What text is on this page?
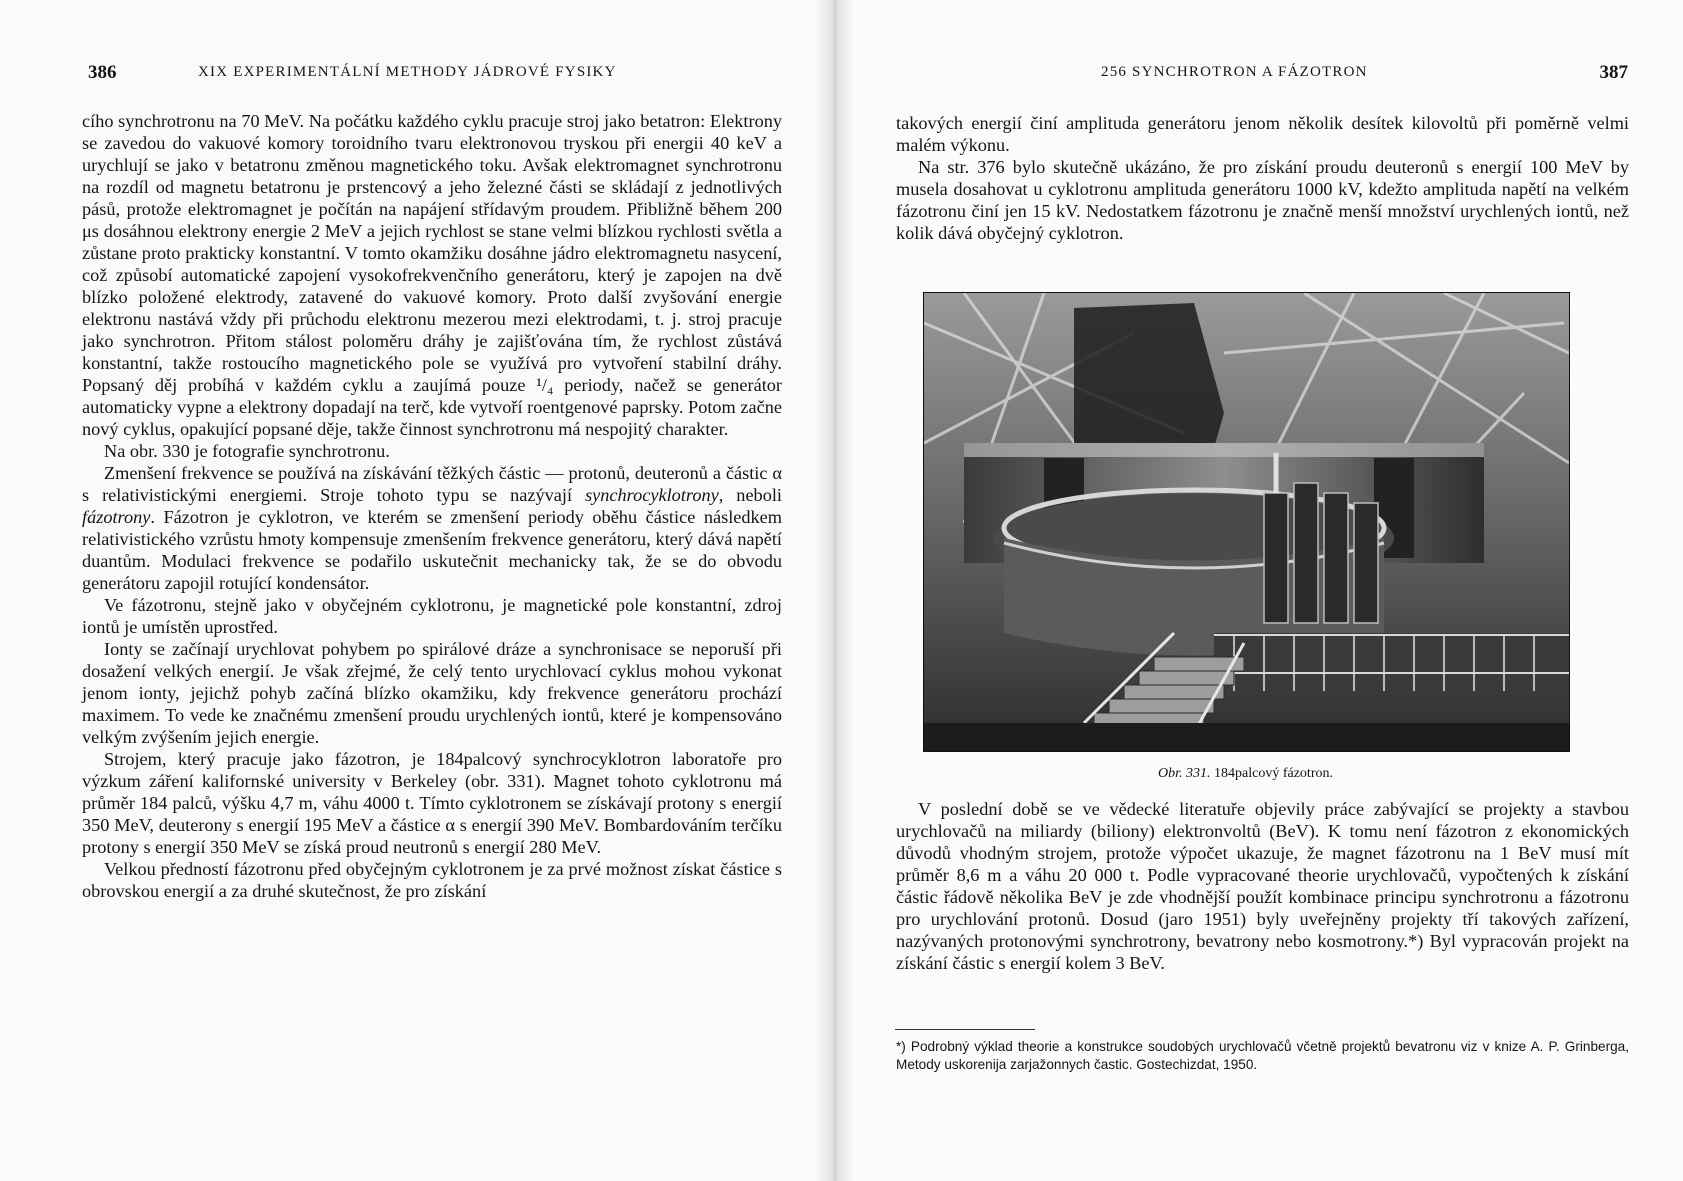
386	XIX EXPERIMENTÁLNÍ METHODY JÁDROVÉ FYSIKY

cího synchrotronu na 70 MeV. Na počátku každého cyklu pracuje stroj jako betatron: Elektrony se zavedou do vakuové komory toroidního tvaru elektronovou tryskou při energii 40 keV a urychlují se jako v betatronu změnou magnetického toku. Avšak elektromagnet synchrotronu na rozdíl od magnetu betatronu je prstencový a jeho železné části se skládají z jednotlivých pásů, protože elektromagnet je počítán na napájení střídavým proudem. Přibližně během 200 μs dosáhnou elektrony energie 2 MeV a jejich rychlost se stane velmi blízkou rychlosti světla a zůstane proto prakticky konstantní. V tomto okamžiku dosáhne jádro elektromagnetu nasycení, což způsobí automatické zapojení vysokofrekvenčního generátoru, který je zapojen na dvě blízko položené elektrody, zatavené do vakuové komory. Proto další zvyšování energie elektronu nastává vždy při průchodu elektronu mezerou mezi elektrodami, t. j. stroj pracuje jako synchrotron. Přitom stálost poloměru dráhy je zajišťována tím, že rychlost zůstává konstantní, takže rostoucího magnetického pole se využívá pro vytvoření stabilní dráhy. Popsaný děj probíhá v každém cyklu a zaujímá pouze ¹/₄ periody, načež se generátor automaticky vypne a elektrony dopadají na terč, kde vytvoří roentgenové paprsky. Potom začne nový cyklus, opakující popsané děje, takže činnost synchrotronu má nespojitý charakter.

Na obr. 330 je fotografie synchrotronu.

Zmenšení frekvence se používá na získávání těžkých částic — protonů, deuteronů a částic α s relativistickými energiemi. Stroje tohoto typu se nazývají synchrocyklotrony, neboli fázotrony. Fázotron je cyklotron, ve kterém se zmenšení periody oběhu částice následkem relativistického vzrůstu hmoty kompensuje zmenšením frekvence generátoru, který dává napětí duantům. Modulaci frekvence se podařilo uskutečnit mechanicky tak, že se do obvodu generátoru zapojil rotující kondensátor.

Ve fázotronu, stejně jako v obyčejném cyklotronu, je magnetické pole konstantní, zdroj iontů je umístěn uprostřed.

Ionty se začínají urychlovat pohybem po spirálové dráze a synchronisace se neporuší při dosažení velkých energií. Je však zřejmé, že celý tento urychlovací cyklus mohou vykonat jenom ionty, jejichž pohyb začíná blízko okamžiku, kdy frekvence generátoru prochází maximem. To vede ke značnému zmenšení proudu urychlených iontů, které je kompensováno velkým zvýšením jejich energie.

Strojem, který pracuje jako fázotron, je 184palcový synchrocyklotron laboratoře pro výzkum záření kalifornské university v Berkeley (obr. 331). Magnet tohoto cyklotronu má průměr 184 palců, výšku 4,7 m, váhu 4000 t. Tímto cyklotronem se získávají protony s energií 350 MeV, deuterony s energií 195 MeV a částice α s energií 390 MeV. Bombardováním terčíku protony s energií 350 MeV se získá proud neutronů s energií 280 MeV.

Velkou předností fázotronu před obyčejným cyklotronem je za prvé možnost získat částice s obrovskou energií a za druhé skutečnost, že pro získání

256 SYNCHROTRON A FÁZOTRON	387

takových energií činí amplituda generátoru jenom několik desítek kilovoltů při poměrně velmi malém výkonu.

Na str. 376 bylo skutečně ukázáno, že pro získání proudu deuteronů s energií 100 MeV by musela dosahovat u cyklotronu amplituda generátoru 1000 kV, kdežto amplituda napětí na velkém fázotronu činí jen 15 kV. Nedostatkem fázotronu je značně menší množství urychlených iontů, než kolik dává obyčejný cyklotron.

Obr. 331. 184palcový fázotron.

V poslední době se ve vědecké literatuře objevily práce zabývající se projekty a stavbou urychlovačů na miliardy (biliony) elektronvoltů (BeV). K tomu není fázotron z ekonomických důvodů vhodným strojem, protože výpočet ukazuje, že magnet fázotronu na 1 BeV musí mít průměr 8,6 m a váhu 20 000 t. Podle vypracované theorie urychlovačů, vypočtených k získání částic řádově několika BeV je zde vhodnější použít kombinace principu synchrotronu a fázotronu pro urychlování protonů. Dosud (jaro 1951) byly uveřejněny projekty tří takových zařízení, nazývaných protonovými synchrotrony, bevatrony nebo kosmotrony.*) Byl vypracován projekt na získání částic s energií kolem 3 BeV.

*) Podrobný výklad theorie a konstrukce soudobých urychlovačů včetně projektů bevatronu viz v knize A. P. Grinberga, Metody uskorenija zarjažonnych častic. Gostechizdat, 1950.
